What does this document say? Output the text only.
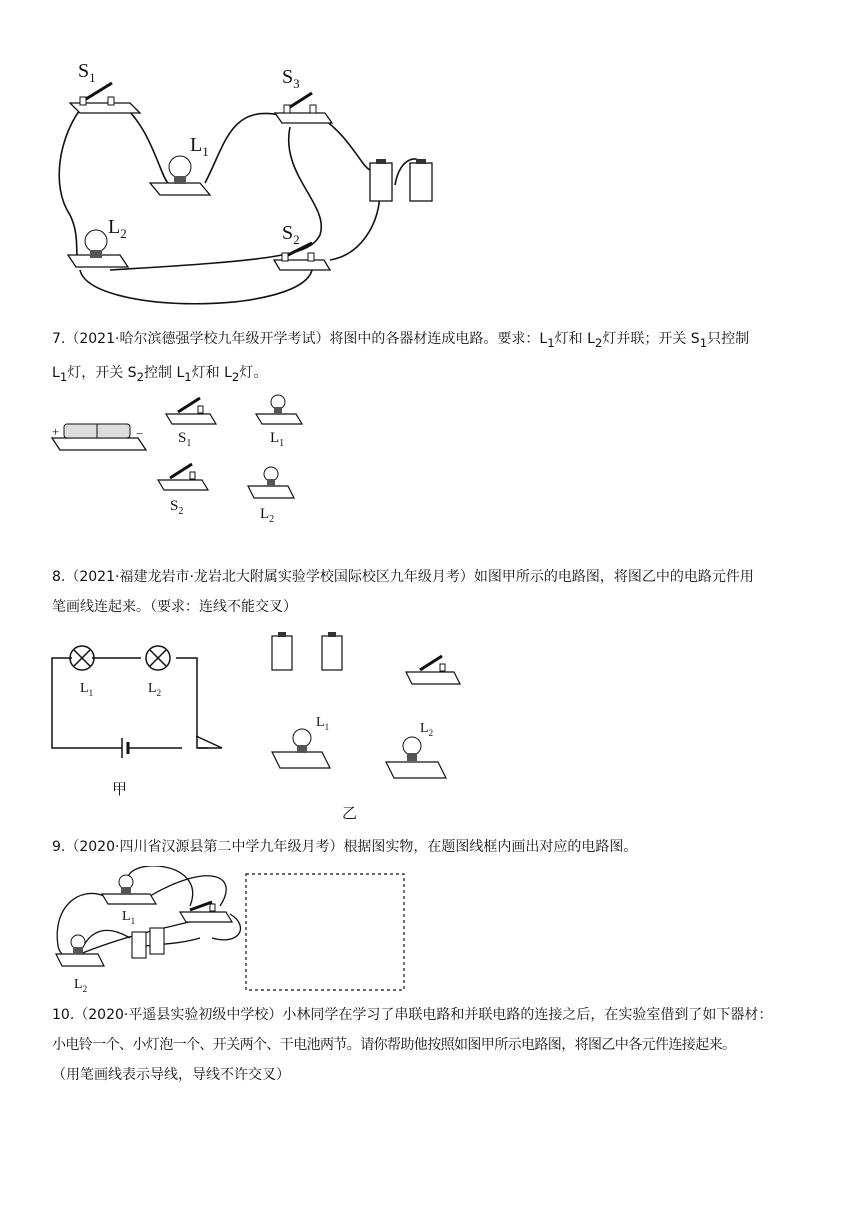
$S_1$	$S_3$
$L_1$
$L_2$	$S_2$

7.（2021·哈尔滨德强学校九年级开学考试）将图中的各器材连成电路。要求：$L_1$灯和 $L_2$灯并联；开关 $S_1$只控制

$L_1$灯，开关 $S_2$控制 $L_1$灯和 $L_2$灯。

+	− $S_1$	$L_1$
$S_2$	$L_2$

8.（2021·福建龙岩市·龙岩北大附属实验学校国际校区九年级月考）如图甲所示的电路图，将图乙中的电路元件用

笔画线连起来。（要求：连线不能交叉）

$L_1$	$L_2$
甲
$L_1$	$L_2$
乙

9.（2020·四川省汉源县第二中学九年级月考）根据图实物，在题图线框内画出对应的电路图。

$L_1$
$L_2$

10.（2020·平遥县实验初级中学校）小林同学在学习了串联电路和并联电路的连接之后，在实验室借到了如下器材：

小电铃一个、小灯泡一个、开关两个、干电池两节。请你帮助他按照如图甲所示电路图，将图乙中各元件连接起来。

（用笔画线表示导线，导线不许交叉）
